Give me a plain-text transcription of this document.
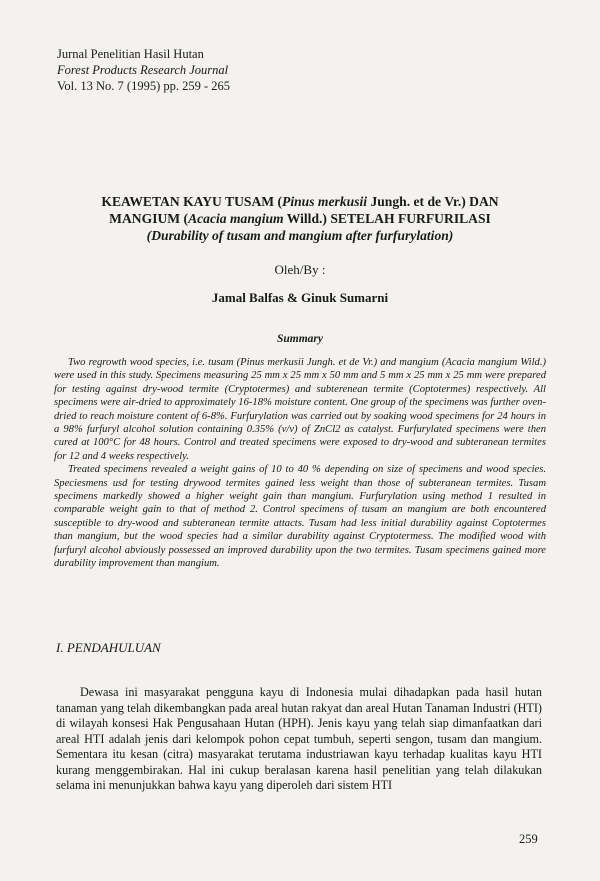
Jurnal Penelitian Hasil Hutan
Forest Products Research Journal
Vol. 13 No. 7 (1995) pp. 259 - 265
KEAWETAN KAYU TUSAM (Pinus merkusii Jungh. et de Vr.) DAN
MANGIUM (Acacia mangium Willd.) SETELAH FURFURILASI
(Durability of tusam and mangium after furfurylation)
Oleh/By :
Jamal Balfas & Ginuk Sumarni
Summary

Two regrowth wood species, i.e. tusam (Pinus merkusii Jungh. et de Vr.) and mangium (Acacia mangium Wild.) were used in this study. Specimens measuring 25 mm x 25 mm x 50 mm and 5 mm x 25 mm x 25 mm were prepared for testing against dry-wood termite (Cryptotermes) and subterenean termite (Coptotermes) respectively. All specimens were air-dried to approximately 16-18% moisture content. One group of the specimens was further oven-dried to reach moisture content of 6-8%. Furfurylation was carried out by soaking wood specimens for 24 hours in a 98% furfuryl alcohol solution containing 0.35% (v/v) of ZnCl2 as catalyst. Furfurylated specimens were then cured at 100°C for 48 hours. Control and treated specimens were exposed to dry-wood and subteranean termites for 12 and 4 weeks respectively.

Treated specimens revealed a weight gains of 10 to 40 % depending on size of specimens and wood species. Speciesmens usd for testing drywood termites gained less weight than those of subteranean termites. Tusam specimens markedly showed a higher weight gain than mangium. Furfurylation using method 1 resulted in comparable weight gain to that of method 2. Control specimens of tusam an mangium are both encountered susceptible to dry-wood and subteranean termite attacts. Tusam had less initial durability against Coptotermes than mangium, but the wood species had a similar durability against Cryptotermess. The modified wood with furfuryl alcohol abviously possessed an improved durability upon the two termites. Tusam specimens gained more durability improvement than mangium.

I. PENDAHULUAN

Dewasa ini masyarakat pengguna kayu di Indonesia mulai dihadapkan pada hasil hutan tanaman yang telah dikembangkan pada areal hutan rakyat dan areal Hutan Tanaman Industri (HTI) di wilayah konsesi Hak Pengusahaan Hutan (HPH). Jenis kayu yang telah siap dimanfaatkan dari areal HTI adalah jenis dari kelompok pohon cepat tumbuh, seperti sengon, tusam dan mangium. Sementara itu kesan (citra) masyarakat terutama industriawan kayu terhadap kualitas kayu HTI kurang menggembirakan. Hal ini cukup beralasan karena hasil penelitian yang telah dilakukan selama ini menunjukkan bahwa kayu yang diperoleh dari sistem HTI

259
